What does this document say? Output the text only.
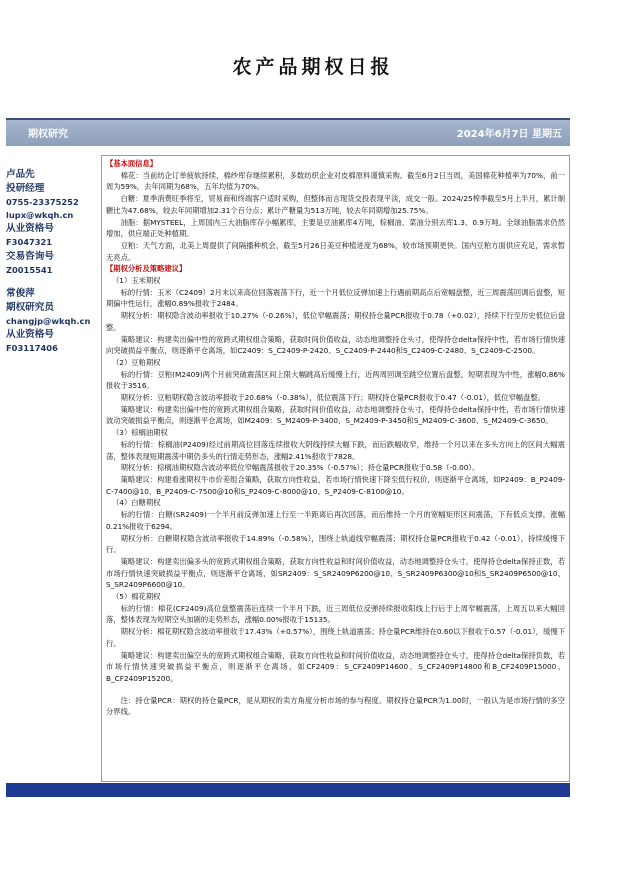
农产品期权日报
期权研究	2024年6月7日 星期五
卢品先
投研经理
0755-23375252
lupx@wkqh.cn
从业资格号
F3047321
交易咨询号
Z0015541
常俊萍
期权研究员
changjp@wkqh.cn
从业资格号
F03117406
【基本面信息】

棉花：当前纺企订单疲软持续，棉纱库存继续累积，多数纺织企业对皮棉原料谨慎采购。截至6月2日当周，美国棉花种植率为70%，前一周为59%，去年同期为68%，五年均值为70%。

白糖：夏季消费旺季将至，贸易商和终端客户适时采购，但整体而言现货交投表现平淡，成交一般。2024/25榨季截至5月上半月，累计制糖比为47.68%，较去年同期增加2.31个百分点；累计产糖量为513万吨，较去年同期增加25.75%。

油脂：据MYSTEEL，上周国内三大油脂库存小幅累库，主要是豆油累库4万吨，棕榈油、菜油分别去库1.3、0.9万吨。全球油脂需求仍然增加，供应端正处种植期。

豆粕：天气方面，北美上周提供了间隔播种机会，截至5月26日美豆种植进度为68%，较市场预期更快。国内豆粕方面供应充足，需求暂无亮点。

【期权分析及策略建议】

（1）玉米期权

标的行情：玉米（C2409）2月末以来高位回落震荡下行，近一个月低位反弹加速上行遇前期高点后宽幅盘整，近三周震荡回调后盘整，短期偏中性运行，涨幅0.89%报收于2484。

期权分析：期权隐含波动率报收于10.27%（-0.26%），低位窄幅震荡；期权持仓量PCR报收于0.78（+0.02），持续下行至历史低位后盘整。

策略建议：构建卖出偏中性的宽跨式期权组合策略，获取时间价值收益，动态地调整持仓头寸，使得持仓delta保持中性，若市场行情快速向突破损益平衡点，则逐渐平仓离场，如C2409：S_C2409-P-2420、S_C2409-P-2440和S_C2409-C-2480、S_C2409-C-2500。

（2）豆粕期权

标的行情：豆粕(M2409)两个月前突破震荡区间上限大幅跳高后缓慢上行，近两周回调至跳空位置后盘整，短期表现为中性，涨幅0.86%报收于3516。

期权分析：豆粕期权隐含波动率报收于20.68%（-0.38%），低位震荡下行；期权持仓量PCR报收于0.47（-0.01），低位窄幅盘整。

策略建议：构建卖出偏中性的宽跨式期权组合策略，获取时间价值收益，动态地调整持仓头寸，使得持仓delta保持中性，若市场行情快速波动突破损益平衡点，则逐渐平仓离场，如M2409：S_M2409-P-3400、S_M2409-P-3450和S_M2409-C-3600、S_M2409-C-3650。

（3）棕榈油期权

标的行情：棕榈油(P2409)经过前期高位回落连续报收大阴线持续大幅下跌，而后跌幅收窄，维持一个月以来在多头方向上的区间大幅震荡，整体表现短期震荡中期仍多头的行情走势形态，涨幅2.41%报收于7828。

期权分析：棕榈油期权隐含波动率低位窄幅震荡报收于20.35%（-0.57%）；持仓量PCR报收于0.58（-0.00）。

策略建议：构建看涨期权牛市价差组合策略，获取方向性收益，若市场行情快速下降至低行权价，则逐渐平仓离场，如P2409：B_P2409-C-7400@10、B_P2409-C-7500@10和S_P2409-C-8000@10、S_P2409-C-8100@10。

（4）白糖期权

标的行情：白糖(SR2409)一个半月前反弹加速上行至一半距离后再次回落，而后维持一个月的宽幅矩形区间震荡，下有低点支撑，涨幅0.21%报收于6294。

期权分析：白糖期权隐含波动率报收于14.89%（-0.58%），围绕上轨道线窄幅震荡；期权持仓量PCR报收于0.42（-0.01），持续缓慢下行。

策略建议：构建卖出偏多头的宽跨式期权组合策略，获取方向性收益和时间价值收益，动态地调整持仓头寸，使得持仓delta保持正数，若市场行情快速突破损益平衡点，则逐渐平仓离场，如SR2409：S_SR2409P6200@10、S_SR2409P6300@10和S_SR2409P6500@10、S_SR2409P6600@10。

（5）棉花期权

标的行情：棉花(CF2409)高位盘整震荡后连续一个半月下跌，近三周低位反弹持续报收阳线上行后于上周窄幅震荡，上周五以来大幅回落，整体表现为短期空头加剧的走势形态，涨幅0.00%报收于15135。

期权分析：棉花期权隐含波动率报收于17.43%（+0.57%），围绕上轨道震荡；持仓量PCR维持在0.60以下报收于0.57（-0.01），缓慢下行。

策略建议：构建卖出偏空头的宽跨式期权组合策略，获取方向性收益和时间价值收益，动态地调整持仓头寸，使得持仓delta保持负数，若市场行情快速突破损益平衡点，则逐渐平仓离场，如CF2409：S_CF2409P14600、S_CF2409P14800和B_CF2409P15000、B_CF2409P15200。

注：持仓量PCR：期权的持仓量PCR，是从期权的卖方角度分析市场的参与程度。期权持仓量PCR为1.00时，一般认为是市场行情的多空分界线。
